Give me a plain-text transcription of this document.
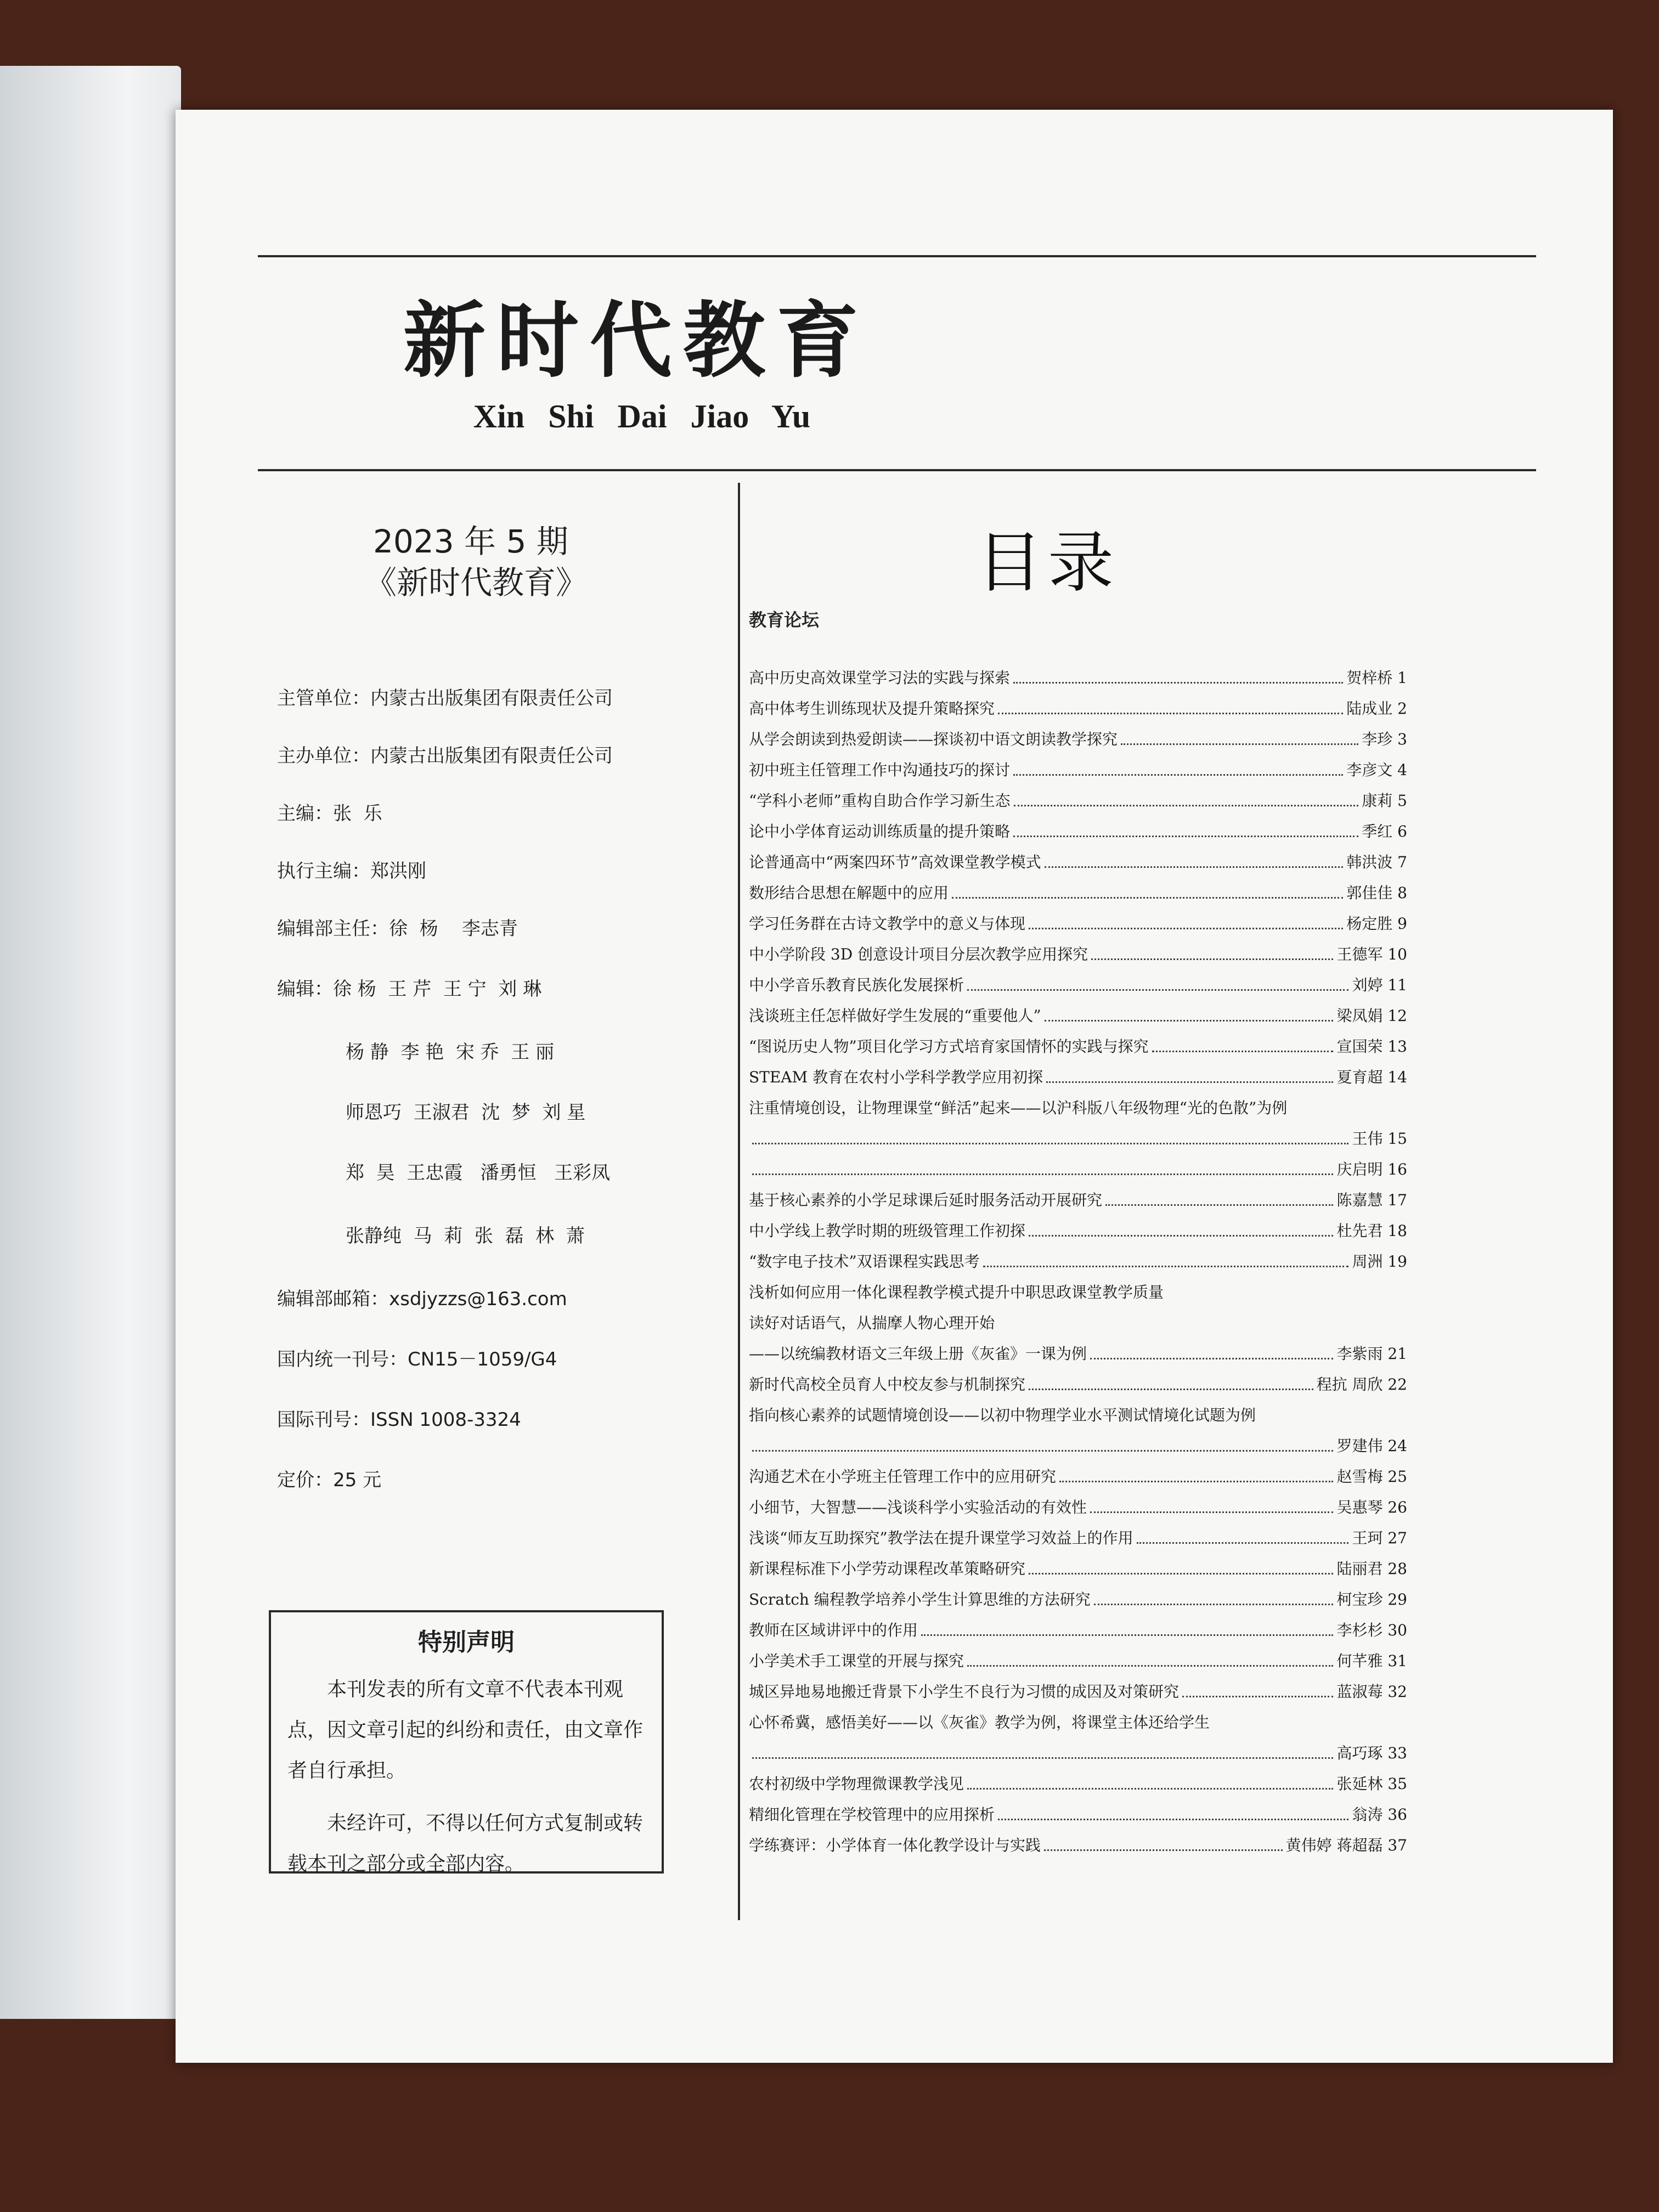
新时代教育
Xin Shi Dai Jiao Yu
2023 年 5 期
《新时代教育》
主管单位：内蒙古出版集团有限责任公司
主办单位：内蒙古出版集团有限责任公司
主编：张  乐
执行主编：郑洪刚
编辑部主任：徐  杨    李志青
编辑：徐 杨  王 芹  王 宁  刘 琳
杨 静  李 艳  宋 乔  王 丽
师恩巧  王淑君  沈  梦  刘 星
郑  昊  王忠霞   潘勇恒   王彩凤
张静纯  马  莉  张  磊  林  萧
编辑部邮箱：xsdjyzzs@163.com
国内统一刊号：CN15－1059/G4
国际刊号：ISSN 1008-3324
定价：25 元
特别声明

本刊发表的所有文章不代表本刊观点，因文章引起的纠纷和责任，由文章作者自行承担。

未经许可，不得以任何方式复制或转载本刊之部分或全部内容。

目录
教育论坛
高中历史高效课堂学习法的实践与探索	贺梓桥 1
高中体考生训练现状及提升策略探究	陆成业 2
从学会朗读到热爱朗读——探谈初中语文朗读教学探究	李珍 3
初中班主任管理工作中沟通技巧的探讨	李彦文 4
“学科小老师”重构自助合作学习新生态	康莉 5
论中小学体育运动训练质量的提升策略	季红 6
论普通高中“两案四环节”高效课堂教学模式	韩洪波 7
数形结合思想在解题中的应用	郭佳佳 8
学习任务群在古诗文教学中的意义与体现	杨定胜 9
中小学阶段 3D 创意设计项目分层次教学应用探究	王德军 10
中小学音乐教育民族化发展探析	刘婷 11
浅谈班主任怎样做好学生发展的“重要他人”	梁凤娟 12
“图说历史人物”项目化学习方式培育家国情怀的实践与探究	宣国荣 13
STEAM 教育在农村小学科学教学应用初探	夏育超 14
注重情境创设，让物理课堂“鲜活”起来——以沪科版八年级物理“光的色散”为例
王伟 15
庆启明 16
基于核心素养的小学足球课后延时服务活动开展研究	陈嘉慧 17
中小学线上教学时期的班级管理工作初探	杜先君 18
“数字电子技术”双语课程实践思考	周洲 19
浅析如何应用一体化课程教学模式提升中职思政课堂教学质量
读好对话语气，从揣摩人物心理开始
——以统编教材语文三年级上册《灰雀》一课为例	李紫雨 21
新时代高校全员育人中校友参与机制探究	程抗 周欣 22
指向核心素养的试题情境创设——以初中物理学业水平测试情境化试题为例
罗建伟 24
沟通艺术在小学班主任管理工作中的应用研究	赵雪梅 25
小细节，大智慧——浅谈科学小实验活动的有效性	吴惠琴 26
浅谈“师友互助探究”教学法在提升课堂学习效益上的作用	王珂 27
新课程标准下小学劳动课程改革策略研究	陆丽君 28
Scratch 编程教学培养小学生计算思维的方法研究	柯宝珍 29
教师在区域讲评中的作用	李杉杉 30
小学美术手工课堂的开展与探究	何芊雅 31
城区异地易地搬迁背景下小学生不良行为习惯的成因及对策研究	蓝淑莓 32
心怀希冀，感悟美好——以《灰雀》教学为例，将课堂主体还给学生
高巧琢 33
农村初级中学物理微课教学浅见	张延林 35
精细化管理在学校管理中的应用探析	翁涛 36
学练赛评：小学体育一体化教学设计与实践	黄伟婷 蒋超磊 37
